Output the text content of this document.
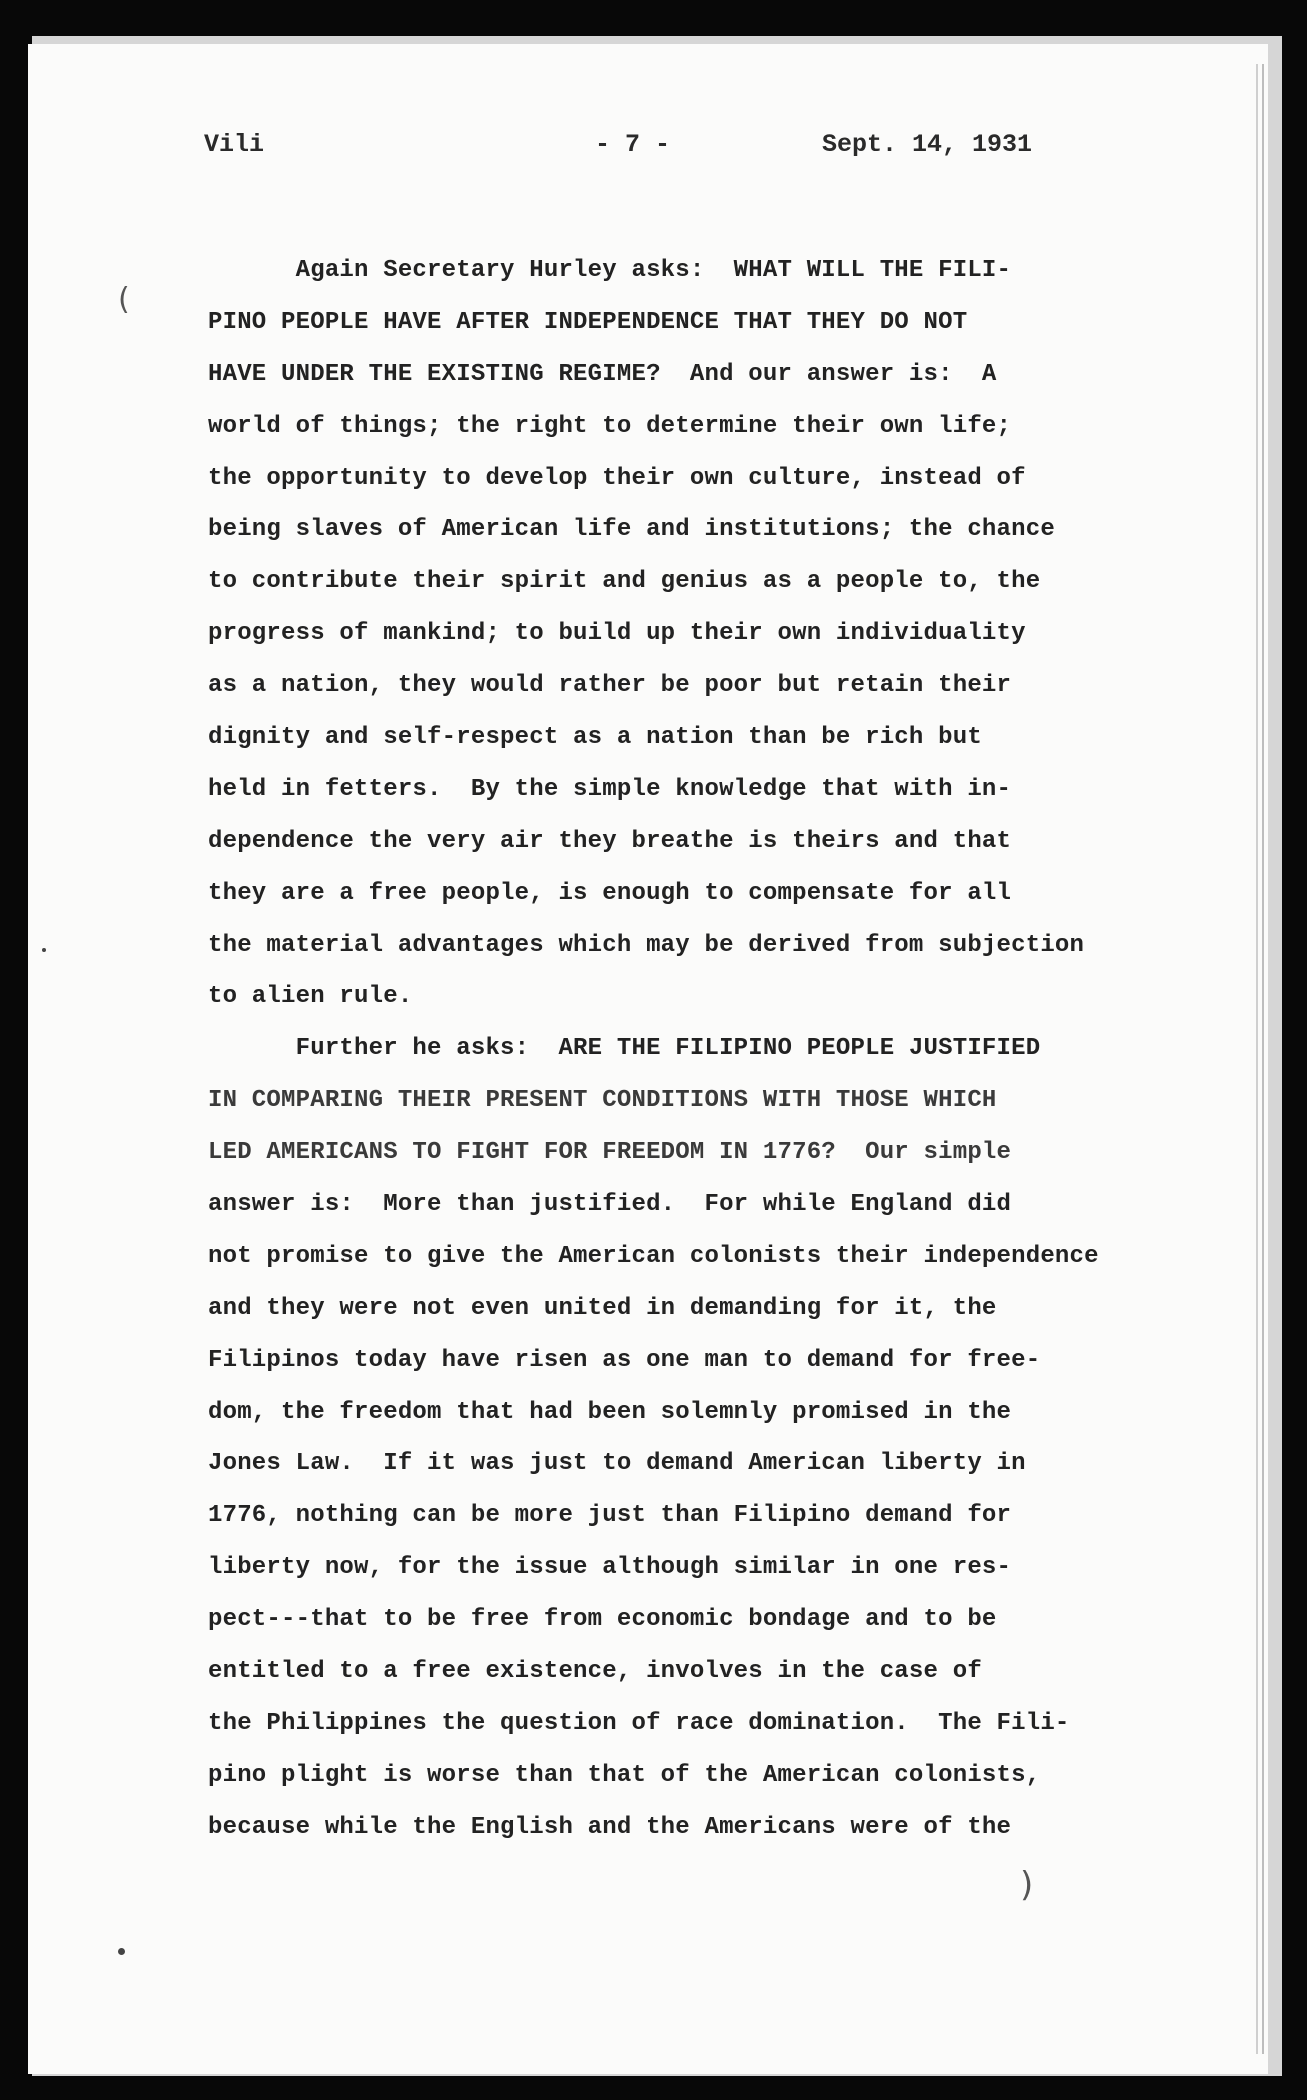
Vili	- 7 -	Sept. 14, 1931
Again Secretary Hurley asks:  WHAT WILL THE FILI-
PINO PEOPLE HAVE AFTER INDEPENDENCE THAT THEY DO NOT
HAVE UNDER THE EXISTING REGIME?  And our answer is:  A
world of things; the right to determine their own life;
the opportunity to develop their own culture, instead of
being slaves of American life and institutions; the chance
to contribute their spirit and genius as a people to, the
progress of mankind; to build up their own individuality
as a nation, they would rather be poor but retain their
dignity and self-respect as a nation than be rich but
held in fetters.  By the simple knowledge that with in-
dependence the very air they breathe is theirs and that
they are a free people, is enough to compensate for all
the material advantages which may be derived from subjection
to alien rule.
Further he asks:  ARE THE FILIPINO PEOPLE JUSTIFIED
IN COMPARING THEIR PRESENT CONDITIONS WITH THOSE WHICH
LED AMERICANS TO FIGHT FOR FREEDOM IN 1776?  Our simple
answer is:  More than justified.  For while England did
not promise to give the American colonists their independence
and they were not even united in demanding for it, the
Filipinos today have risen as one man to demand for free-
dom, the freedom that had been solemnly promised in the
Jones Law.  If it was just to demand American liberty in
1776, nothing can be more just than Filipino demand for
liberty now, for the issue although similar in one res-
pect---that to be free from economic bondage and to be
entitled to a free existence, involves in the case of
the Philippines the question of race domination.  The Fili-
pino plight is worse than that of the American colonists,
because while the English and the Americans were of the
(
)
